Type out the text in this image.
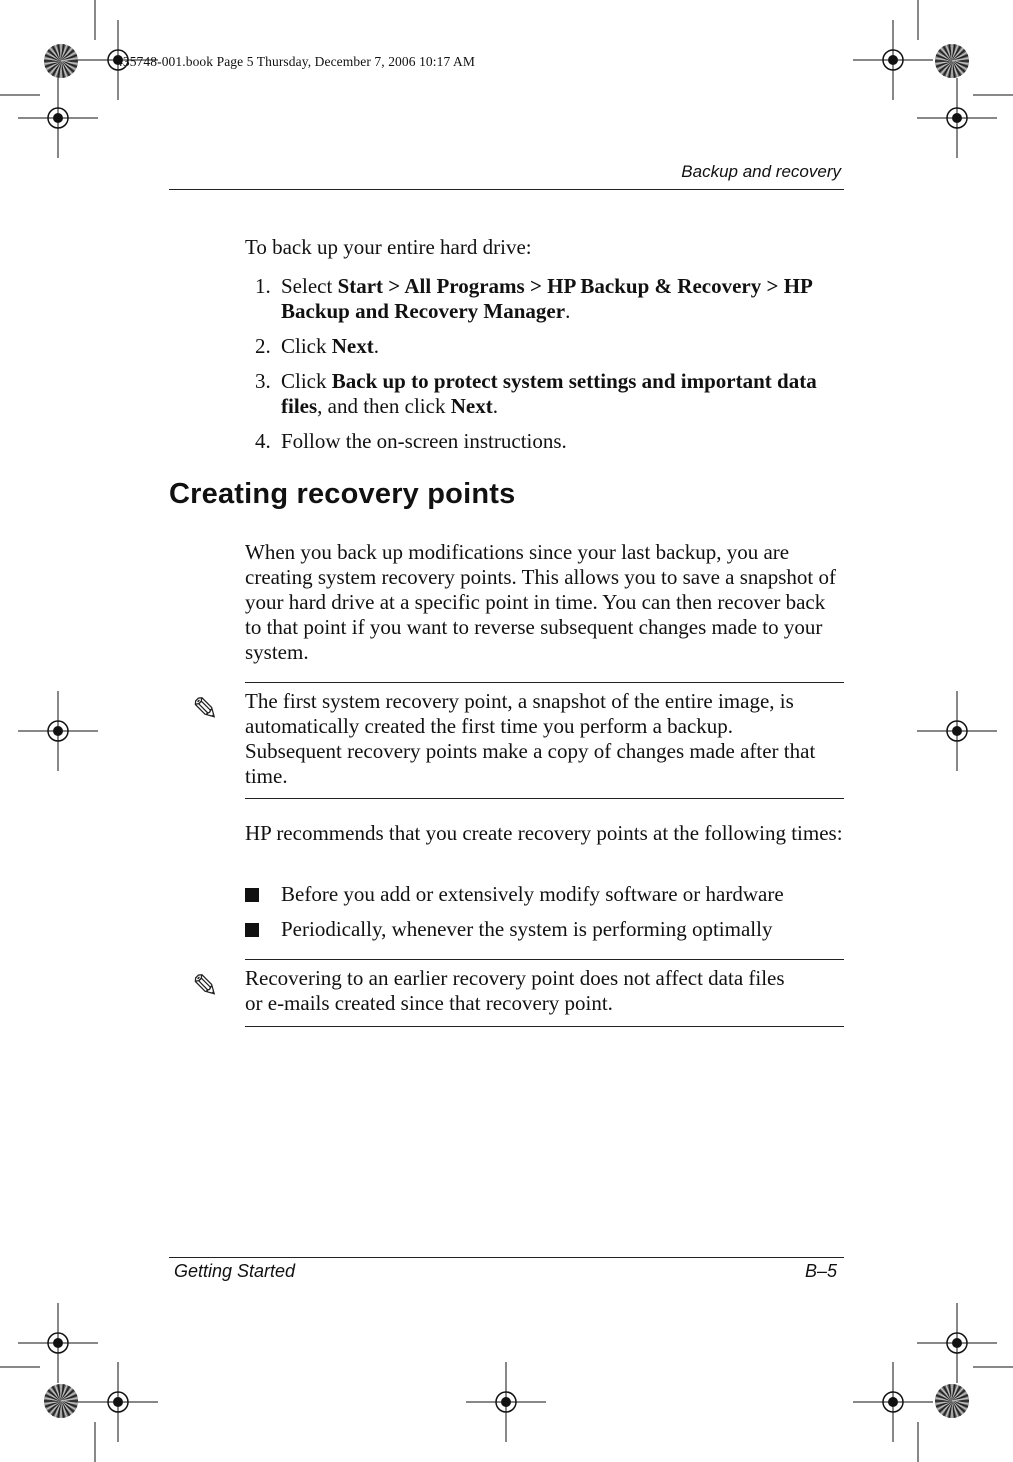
435748-001.book Page 5 Thursday, December 7, 2006 10:17 AM
Backup and recovery
To back up your entire hard drive:
1. Select Start > All Programs > HP Backup & Recovery > HP Backup and Recovery Manager.
2. Click Next.
3. Click Back up to protect system settings and important data files, and then click Next.
4. Follow the on-screen instructions.
Creating recovery points
When you back up modifications since your last backup, you are creating system recovery points. This allows you to save a snapshot of your hard drive at a specific point in time. You can then recover back to that point if you want to reverse subsequent changes made to your system.
✎ The first system recovery point, a snapshot of the entire image, is automatically created the first time you perform a backup. Subsequent recovery points make a copy of changes made after that time.
HP recommends that you create recovery points at the following times:
Before you add or extensively modify software or hardware
Periodically, whenever the system is performing optimally
✎ Recovering to an earlier recovery point does not affect data files or e-mails created since that recovery point.
Getting Started	B–5
